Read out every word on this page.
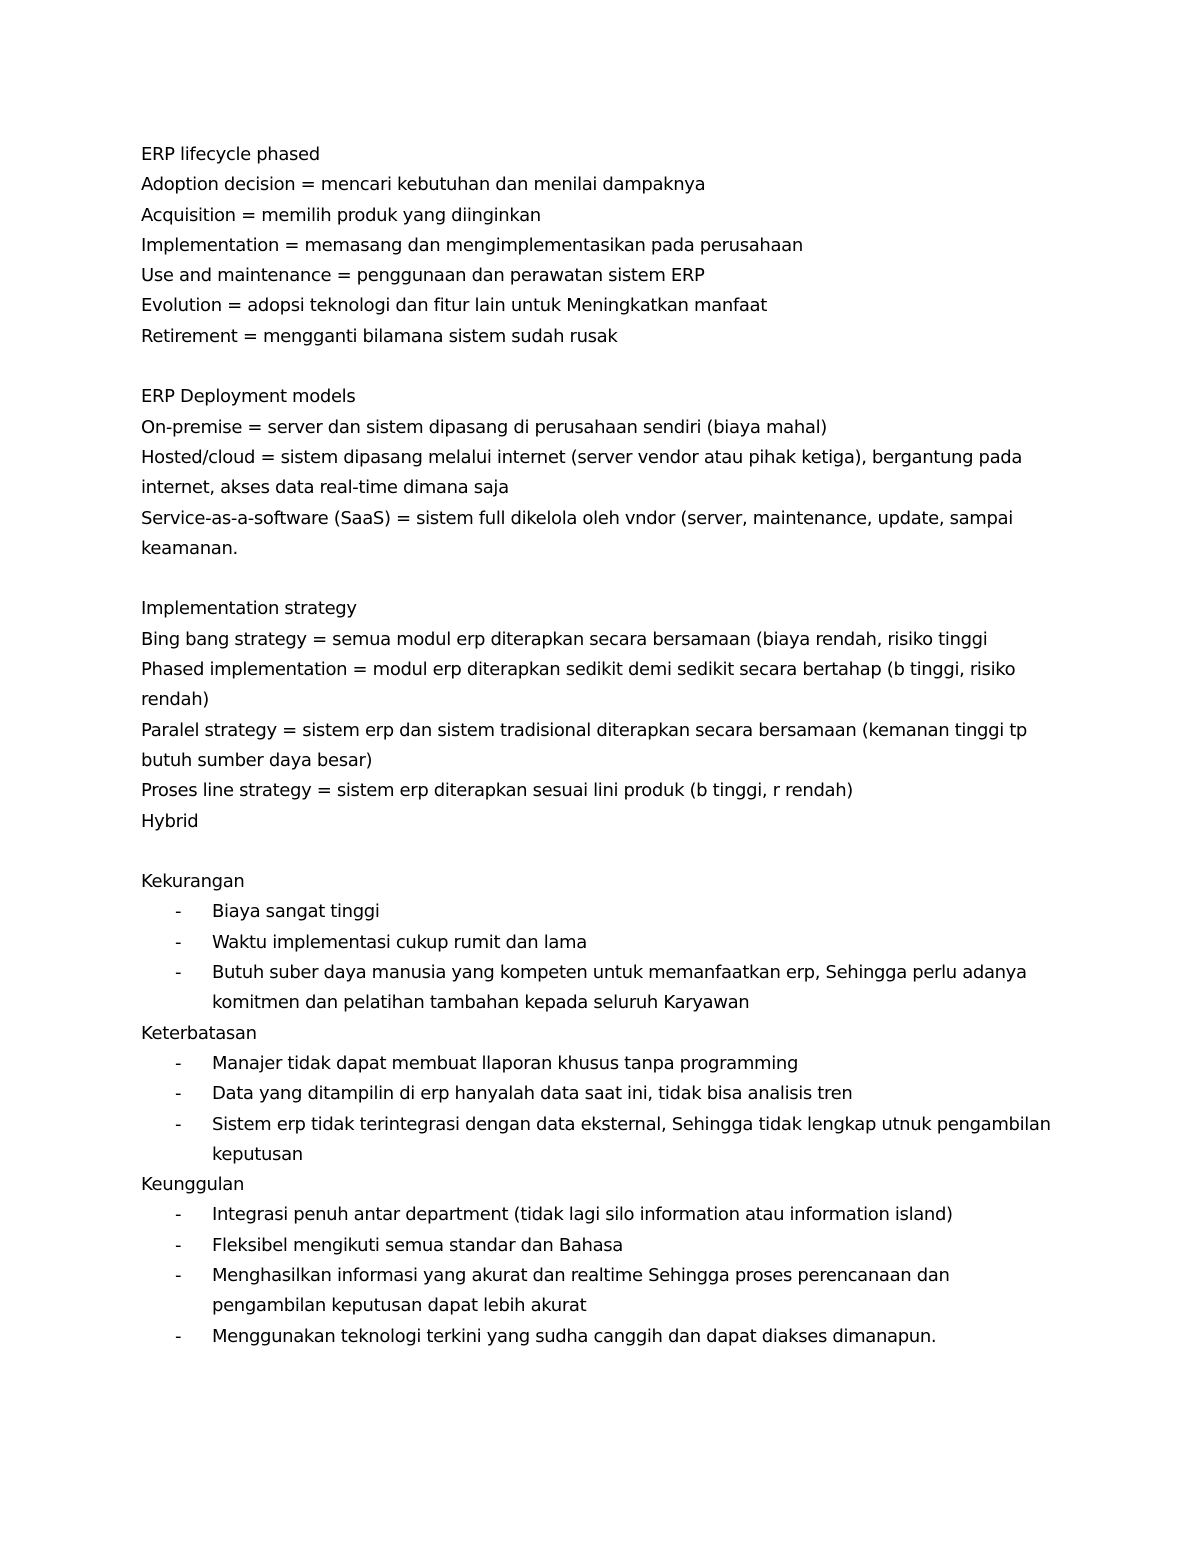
ERP lifecycle phased
Adoption decision = mencari kebutuhan dan menilai dampaknya
Acquisition = memilih produk yang diinginkan
Implementation = memasang dan mengimplementasikan pada perusahaan
Use and maintenance = penggunaan dan perawatan sistem ERP
Evolution = adopsi teknologi dan fitur lain untuk Meningkatkan manfaat
Retirement = mengganti bilamana sistem sudah rusak
ERP Deployment models
On-premise = server dan sistem dipasang di perusahaan sendiri (biaya mahal)
Hosted/cloud = sistem dipasang melalui internet (server vendor atau pihak ketiga), bergantung pada
internet, akses data real-time dimana saja
Service-as-a-software (SaaS) = sistem full dikelola oleh vndor (server, maintenance, update, sampai
keamanan.
Implementation strategy
Bing bang strategy = semua modul erp diterapkan secara bersamaan (biaya rendah, risiko tinggi
Phased implementation = modul erp diterapkan sedikit demi sedikit secara bertahap (b tinggi, risiko
rendah)
Paralel strategy = sistem erp dan sistem tradisional diterapkan secara bersamaan (kemanan tinggi tp
butuh sumber daya besar)
Proses line strategy = sistem erp diterapkan sesuai lini produk (b tinggi, r rendah)
Hybrid
Kekurangan
- Biaya sangat tinggi
- Waktu implementasi cukup rumit dan lama
- Butuh suber daya manusia yang kompeten untuk memanfaatkan erp, Sehingga perlu adanya
komitmen dan pelatihan tambahan kepada seluruh Karyawan
Keterbatasan
- Manajer tidak dapat membuat llaporan khusus tanpa programming
- Data yang ditampilin di erp hanyalah data saat ini, tidak bisa analisis tren
- Sistem erp tidak terintegrasi dengan data eksternal, Sehingga tidak lengkap utnuk pengambilan
keputusan
Keunggulan
- Integrasi penuh antar department (tidak lagi silo information atau information island)
- Fleksibel mengikuti semua standar dan Bahasa
- Menghasilkan informasi yang akurat dan realtime Sehingga proses perencanaan dan
pengambilan keputusan dapat lebih akurat
- Menggunakan teknologi terkini yang sudha canggih dan dapat diakses dimanapun.
